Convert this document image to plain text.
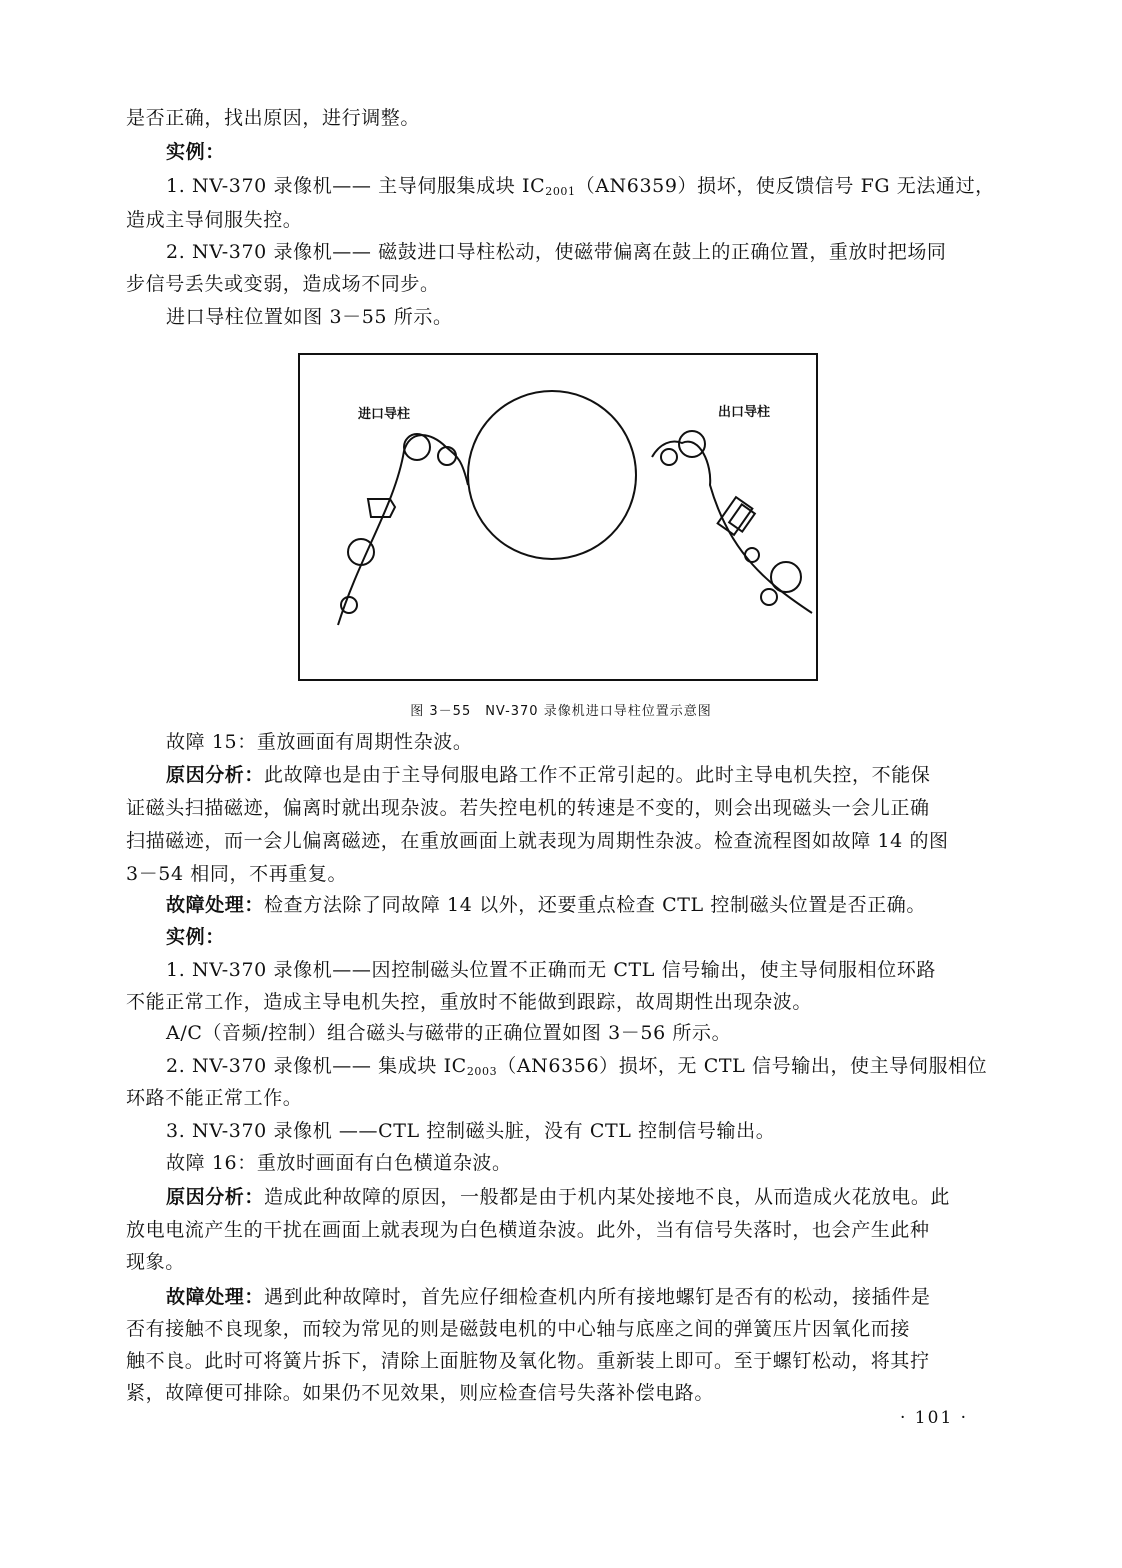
是否正确，找出原因，进行调整。
实例：
1. NV-370 录像机—— 主导伺服集成块 $IC_{2001}(AN6359)$损坏，使反馈信号 FG 无法通过，
造成主导伺服失控。
2. NV-370 录像机—— 磁鼓进口导柱松动，使磁带偏离在鼓上的正确位置，重放时把场同
步信号丢失或变弱，造成场不同步。
进口导柱位置如图 3－55 所示。
进口导柱	出口导柱
图 3－55　NV-370 录像机进口导柱位置示意图
故障 15：重放画面有周期性杂波。
原因分析：此故障也是由于主导伺服电路工作不正常引起的。此时主导电机失控，不能保
证磁头扫描磁迹，偏离时就出现杂波。若失控电机的转速是不变的，则会出现磁头一会儿正确
扫描磁迹，而一会儿偏离磁迹，在重放画面上就表现为周期性杂波。检查流程图如故障 14 的图
3－54 相同，不再重复。
故障处理：检查方法除了同故障 14 以外，还要重点检查 CTL 控制磁头位置是否正确。
实例：
1. NV-370 录像机——因控制磁头位置不正确而无 CTL 信号输出，使主导伺服相位环路
不能正常工作，造成主导电机失控，重放时不能做到跟踪，故周期性出现杂波。
A/C（音频/控制）组合磁头与磁带的正确位置如图 3－56 所示。
2. NV-370 录像机—— 集成块 $IC_{2003}(AN6356)$损坏，无 CTL 信号输出，使主导伺服相位
环路不能正常工作。
3. NV-370 录像机 ——CTL 控制磁头脏，没有 CTL 控制信号输出。
故障 16：重放时画面有白色横道杂波。
原因分析：造成此种故障的原因，一般都是由于机内某处接地不良，从而造成火花放电。此
放电电流产生的干扰在画面上就表现为白色横道杂波。此外，当有信号失落时，也会产生此种
现象。
故障处理：遇到此种故障时，首先应仔细检查机内所有接地螺钉是否有的松动，接插件是
否有接触不良现象，而较为常见的则是磁鼓电机的中心轴与底座之间的弹簧压片因氧化而接
触不良。此时可将簧片拆下，清除上面脏物及氧化物。重新装上即可。至于螺钉松动，将其拧
紧，故障便可排除。如果仍不见效果，则应检查信号失落补偿电路。
· 101 ·
